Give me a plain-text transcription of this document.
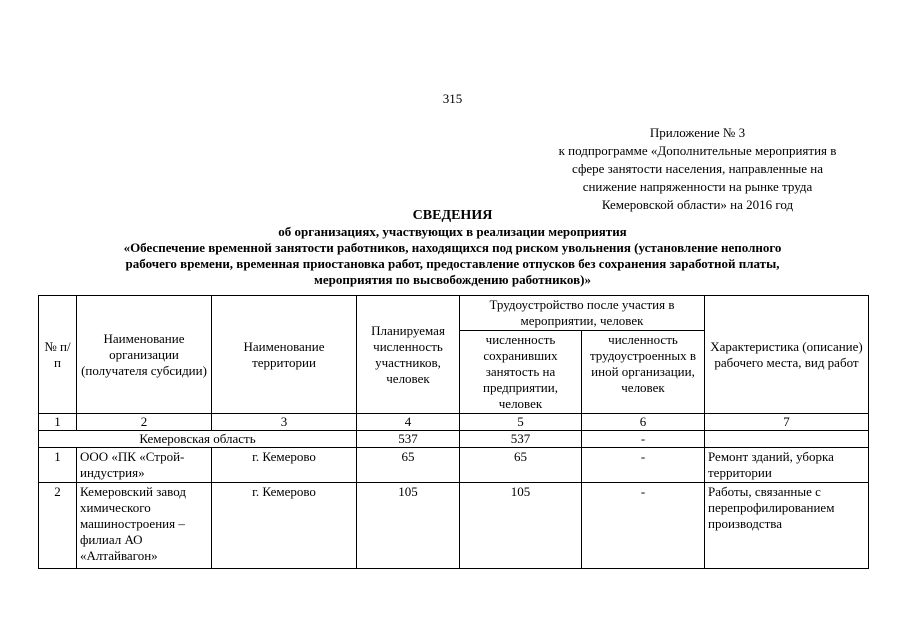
315
Приложение № 3
к подпрограмме «Дополнительные мероприятия в
сфере занятости населения, направленные на
снижение напряженности на рынке труда
Кемеровской области» на 2016 год
СВЕДЕНИЯ
об организациях, участвующих в реализации мероприятия
«Обеспечение временной занятости работников, находящихся под риском увольнения (установление неполного
рабочего времени, временная приостановка работ, предоставление отпусков без сохранения заработной платы,
мероприятия по высвобождению работников)»
№ п/п	Наименование организации (получателя субсидии)	Наименование территории	Планируемая численность участников, человек	Трудоустройство после участия в мероприятии, человек		Характеристика (описание) рабочего места, вид работ
				численность сохранивших занятость на предприятии, человек	численность трудоустроенных в иной организации, человек	
1	2	3	4	5	6	7
Кемеровская область			537	537	-	
1	ООО «ПК «Строй-индустрия»	г. Кемерово	65	65	-	Ремонт зданий, уборка территории
2	Кемеровский завод химического машиностроения – филиал АО «Алтайвагон»	г. Кемерово	105	105	-	Работы, связанные с перепрофилированием производства
